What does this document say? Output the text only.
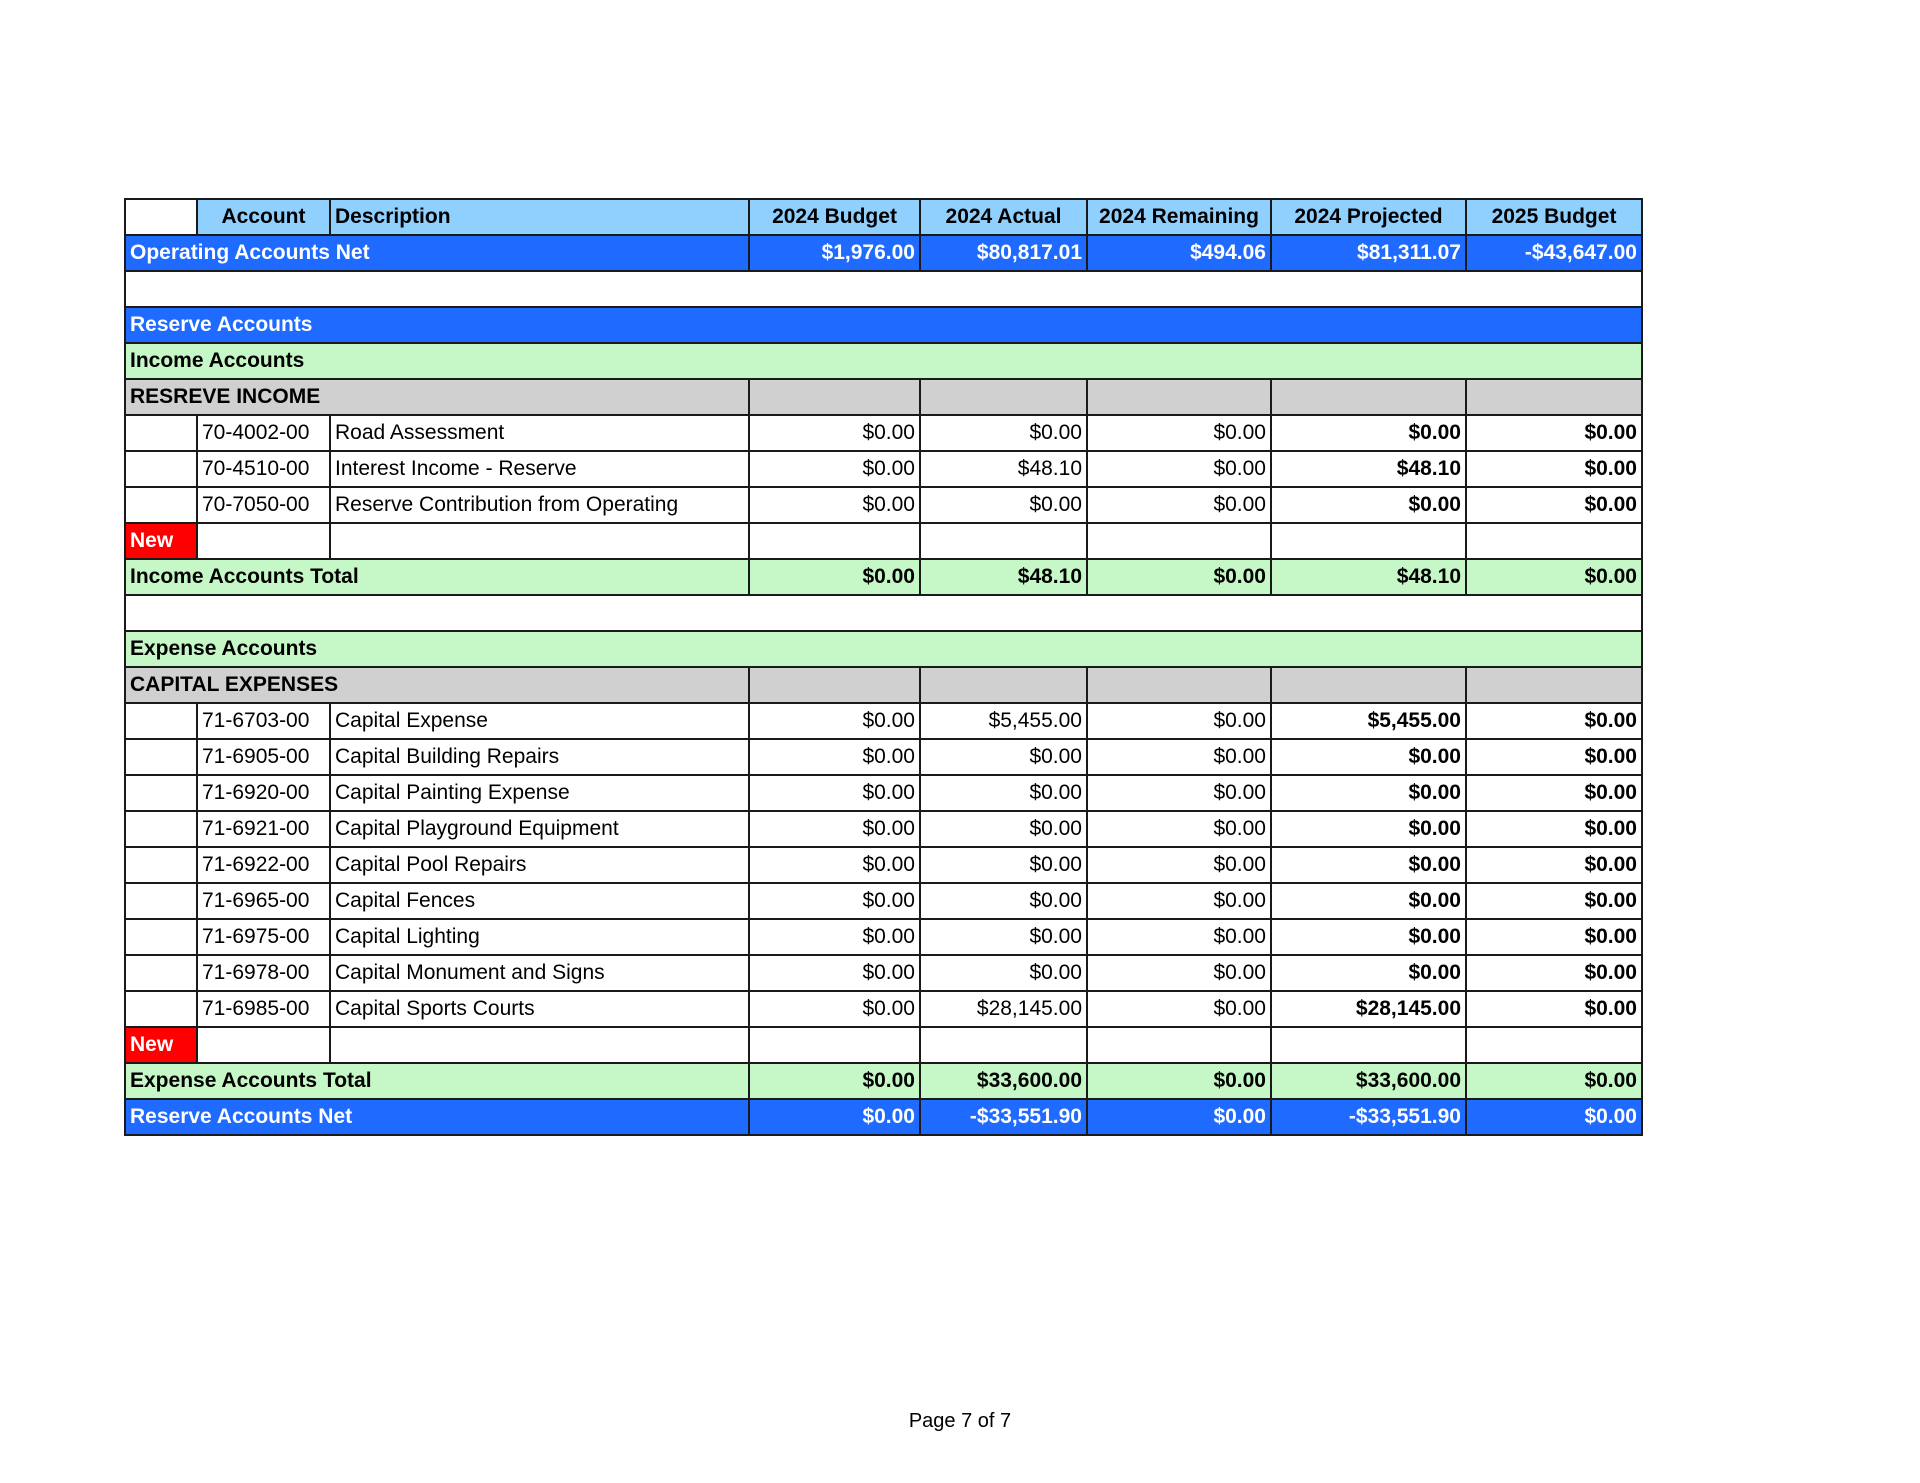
	Account	Description	2024 Budget	2024 Actual	2024 Remaining	2024 Projected	2025 Budget
Operating Accounts Net			$1,976.00	$80,817.01	$494.06	$81,311.07	-$43,647.00

Reserve Accounts							
Income Accounts							
RESREVE INCOME							
	70-4002-00	Road Assessment	$0.00	$0.00	$0.00	$0.00	$0.00
	70-4510-00	Interest Income - Reserve	$0.00	$48.10	$0.00	$48.10	$0.00
	70-7050-00	Reserve Contribution from Operating	$0.00	$0.00	$0.00	$0.00	$0.00
New							
Income Accounts Total			$0.00	$48.10	$0.00	$48.10	$0.00

Expense Accounts							
CAPITAL EXPENSES							
	71-6703-00	Capital Expense	$0.00	$5,455.00	$0.00	$5,455.00	$0.00
	71-6905-00	Capital Building Repairs	$0.00	$0.00	$0.00	$0.00	$0.00
	71-6920-00	Capital Painting Expense	$0.00	$0.00	$0.00	$0.00	$0.00
	71-6921-00	Capital Playground Equipment	$0.00	$0.00	$0.00	$0.00	$0.00
	71-6922-00	Capital Pool Repairs	$0.00	$0.00	$0.00	$0.00	$0.00
	71-6965-00	Capital Fences	$0.00	$0.00	$0.00	$0.00	$0.00
	71-6975-00	Capital Lighting	$0.00	$0.00	$0.00	$0.00	$0.00
	71-6978-00	Capital Monument and Signs	$0.00	$0.00	$0.00	$0.00	$0.00
	71-6985-00	Capital Sports Courts	$0.00	$28,145.00	$0.00	$28,145.00	$0.00
New							
Expense Accounts Total			$0.00	$33,600.00	$0.00	$33,600.00	$0.00
Reserve Accounts Net			$0.00	-$33,551.90	$0.00	-$33,551.90	$0.00
Page 7 of 7
